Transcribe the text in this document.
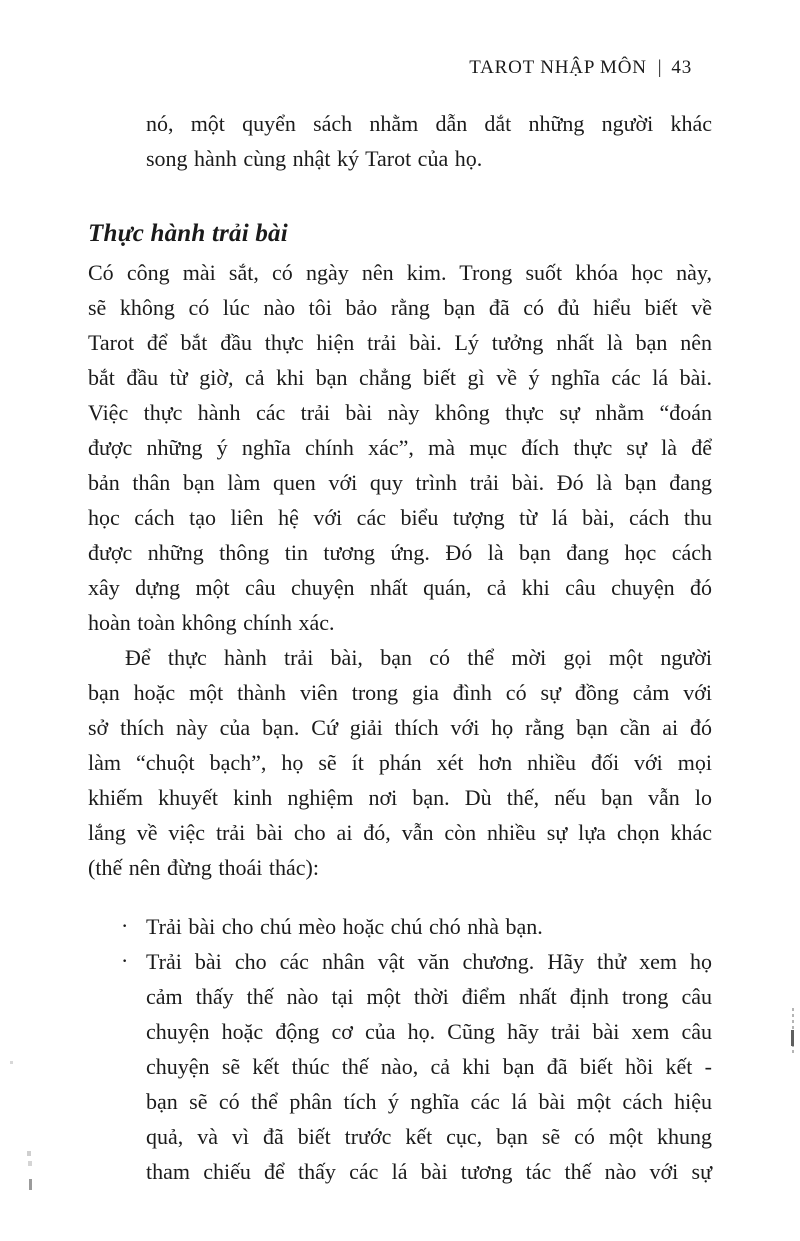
TAROT NHẬP MÔN | 43
nó, một quyển sách nhằm dẫn dắt những người khác
song hành cùng nhật ký Tarot của họ.
Thực hành trải bài
Có công mài sắt, có ngày nên kim. Trong suốt khóa học này,
sẽ không có lúc nào tôi bảo rằng bạn đã có đủ hiểu biết về
Tarot để bắt đầu thực hiện trải bài. Lý tưởng nhất là bạn nên
bắt đầu từ giờ, cả khi bạn chẳng biết gì về ý nghĩa các lá bài.
Việc thực hành các trải bài này không thực sự nhằm “đoán
được những ý nghĩa chính xác”, mà mục đích thực sự là để
bản thân bạn làm quen với quy trình trải bài. Đó là bạn đang
học cách tạo liên hệ với các biểu tượng từ lá bài, cách thu
được những thông tin tương ứng. Đó là bạn đang học cách
xây dựng một câu chuyện nhất quán, cả khi câu chuyện đó
hoàn toàn không chính xác.
Để thực hành trải bài, bạn có thể mời gọi một người
bạn hoặc một thành viên trong gia đình có sự đồng cảm với
sở thích này của bạn. Cứ giải thích với họ rằng bạn cần ai đó
làm “chuột bạch”, họ sẽ ít phán xét hơn nhiều đối với mọi
khiếm khuyết kinh nghiệm nơi bạn. Dù thế, nếu bạn vẫn lo
lắng về việc trải bài cho ai đó, vẫn còn nhiều sự lựa chọn khác
(thế nên đừng thoái thác):
· Trải bài cho chú mèo hoặc chú chó nhà bạn.
· Trải bài cho các nhân vật văn chương. Hãy thử xem họ
cảm thấy thế nào tại một thời điểm nhất định trong câu
chuyện hoặc động cơ của họ. Cũng hãy trải bài xem câu
chuyện sẽ kết thúc thế nào, cả khi bạn đã biết hồi kết -
bạn sẽ có thể phân tích ý nghĩa các lá bài một cách hiệu
quả, và vì đã biết trước kết cục, bạn sẽ có một khung
tham chiếu để thấy các lá bài tương tác thế nào với sự
